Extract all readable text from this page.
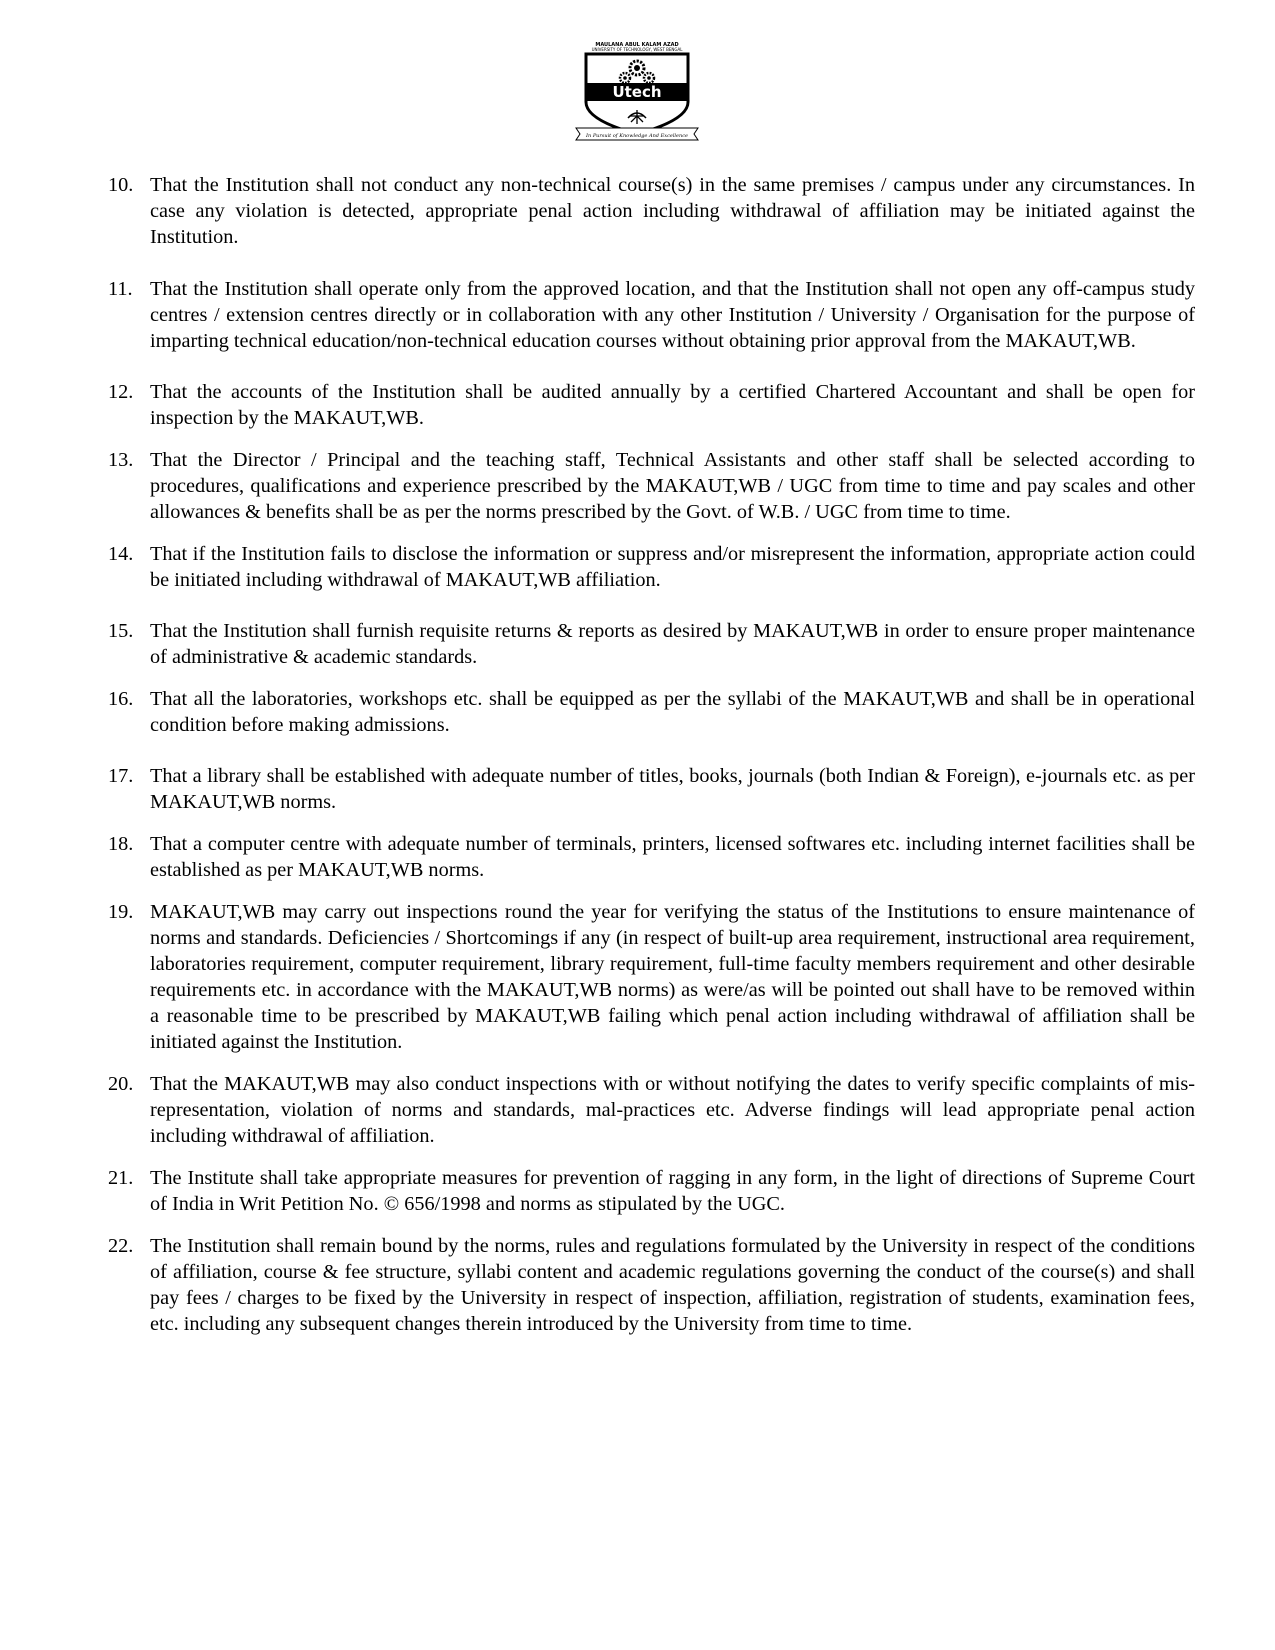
MAULANA ABUL KALAM AZAD
UNIVERSITY OF TECHNOLOGY, WEST BENGAL
Utech
In Pursuit of Knowledge And Excellence
10. That the Institution shall not conduct any non-technical course(s) in the same premises / campus under any circumstances. In case any violation is detected, appropriate penal action including withdrawal of affiliation may be initiated against the Institution.
11. That the Institution shall operate only from the approved location, and that the Institution shall not open any off-campus study centres / extension centres directly or in collaboration with any other Institution / University / Organisation for the purpose of imparting technical education/non-technical education courses without obtaining prior approval from the MAKAUT,WB.
12. That the accounts of the Institution shall be audited annually by a certified Chartered Accountant and shall be open for inspection by the MAKAUT,WB.
13. That the Director / Principal and the teaching staff, Technical Assistants and other staff shall be selected according to procedures, qualifications and experience prescribed by the MAKAUT,WB / UGC from time to time and pay scales and other allowances & benefits shall be as per the norms prescribed by the Govt. of W.B. / UGC from time to time.
14. That if the Institution fails to disclose the information or suppress and/or misrepresent the information, appropriate action could be initiated including withdrawal of MAKAUT,WB affiliation.
15. That the Institution shall furnish requisite returns & reports as desired by MAKAUT,WB in order to ensure proper maintenance of administrative & academic standards.
16. That all the laboratories, workshops etc. shall be equipped as per the syllabi of the MAKAUT,WB and shall be in operational condition before making admissions.
17. That a library shall be established with adequate number of titles, books, journals (both Indian & Foreign), e-journals etc. as per MAKAUT,WB norms.
18. That a computer centre with adequate number of terminals, printers, licensed softwares etc. including internet facilities shall be established as per MAKAUT,WB norms.
19. MAKAUT,WB may carry out inspections round the year for verifying the status of the Institutions to ensure maintenance of norms and standards. Deficiencies / Shortcomings if any (in respect of built-up area requirement, instructional area requirement, laboratories requirement, computer requirement, library requirement, full-time faculty members requirement and other desirable requirements etc. in accordance with the MAKAUT,WB norms) as were/as will be pointed out shall have to be removed within a reasonable time to be prescribed by MAKAUT,WB failing which penal action including withdrawal of affiliation shall be initiated against the Institution.
20. That the MAKAUT,WB may also conduct inspections with or without notifying the dates to verify specific complaints of mis-representation, violation of norms and standards, mal-practices etc. Adverse findings will lead appropriate penal action including withdrawal of affiliation.
21. The Institute shall take appropriate measures for prevention of ragging in any form, in the light of directions of Supreme Court of India in Writ Petition No. © 656/1998 and norms as stipulated by the UGC.
22. The Institution shall remain bound by the norms, rules and regulations formulated by the University in respect of the conditions of affiliation, course & fee structure, syllabi content and academic regulations governing the conduct of the course(s) and shall pay fees / charges to be fixed by the University in respect of inspection, affiliation, registration of students, examination fees, etc. including any subsequent changes therein introduced by the University from time to time.
